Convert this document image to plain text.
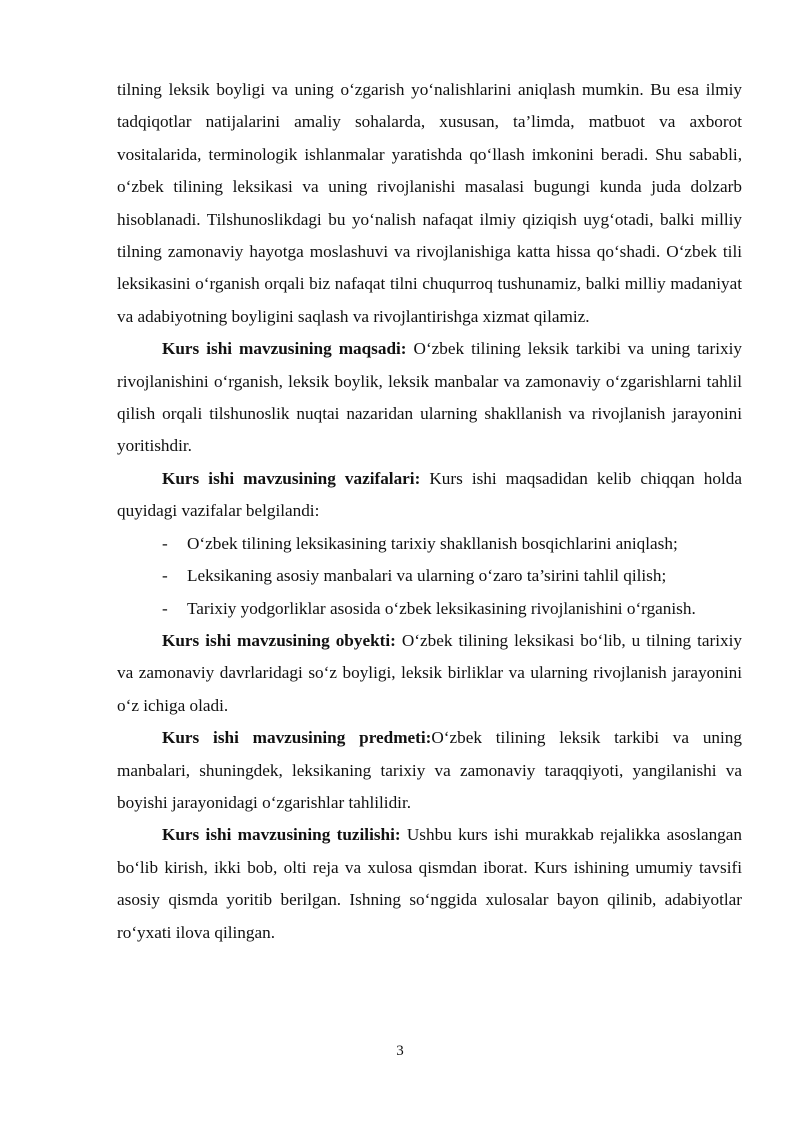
tilning leksik boyligi va uning o‘zgarish yo‘nalishlarini aniqlash mumkin. Bu esa ilmiy tadqiqotlar natijalarini amaliy sohalarda, xususan, ta’limda, matbuot va axborot vositalarida, terminologik ishlanmalar yaratishda qo‘llash imkonini beradi. Shu sababli, o‘zbek tilining leksikasi va uning rivojlanishi masalasi bugungi kunda juda dolzarb hisoblanadi. Tilshunoslikdagi bu yo‘nalish nafaqat ilmiy qiziqish uyg‘otadi, balki milliy tilning zamonaviy hayotga moslashuvi va rivojlanishiga katta hissa qo‘shadi. O‘zbek tili leksikasini o‘rganish orqali biz nafaqat tilni chuqurroq tushunamiz, balki milliy madaniyat va adabiyotning boyligini saqlash va rivojlantirishga xizmat qilamiz.

Kurs ishi mavzusining maqsadi: O‘zbek tilining leksik tarkibi va uning tarixiy rivojlanishini o‘rganish, leksik boylik, leksik manbalar va zamonaviy o‘zgarishlarni tahlil qilish orqali tilshunoslik nuqtai nazaridan ularning shakllanish va rivojlanish jarayonini yoritishdir.

Kurs ishi mavzusining vazifalari: Kurs ishi maqsadidan kelib chiqqan holda quyidagi vazifalar belgilandi:

- O‘zbek tilining leksikasining tarixiy shakllanish bosqichlarini aniqlash;
- Leksikaning asosiy manbalari va ularning o‘zaro ta’sirini tahlil qilish;
- Tarixiy yodgorliklar asosida o‘zbek leksikasining rivojlanishini o‘rganish.

Kurs ishi mavzusining obyekti: O‘zbek tilining leksikasi bo‘lib, u tilning tarixiy va zamonaviy davrlaridagi so‘z boyligi, leksik birliklar va ularning rivojlanish jarayonini o‘z ichiga oladi.

Kurs ishi mavzusining predmeti:O‘zbek tilining leksik tarkibi va uning manbalari, shuningdek, leksikaning tarixiy va zamonaviy taraqqiyoti, yangilanishi va boyishi jarayonidagi o‘zgarishlar tahlilidir.

Kurs ishi mavzusining tuzilishi: Ushbu kurs ishi murakkab rejalikka asoslangan bo‘lib kirish, ikki bob, olti reja va xulosa qismdan iborat. Kurs ishining umumiy tavsifi asosiy qismda yoritib berilgan. Ishning so‘nggida xulosalar bayon qilinib, adabiyotlar ro‘yxati ilova qilingan.

3
